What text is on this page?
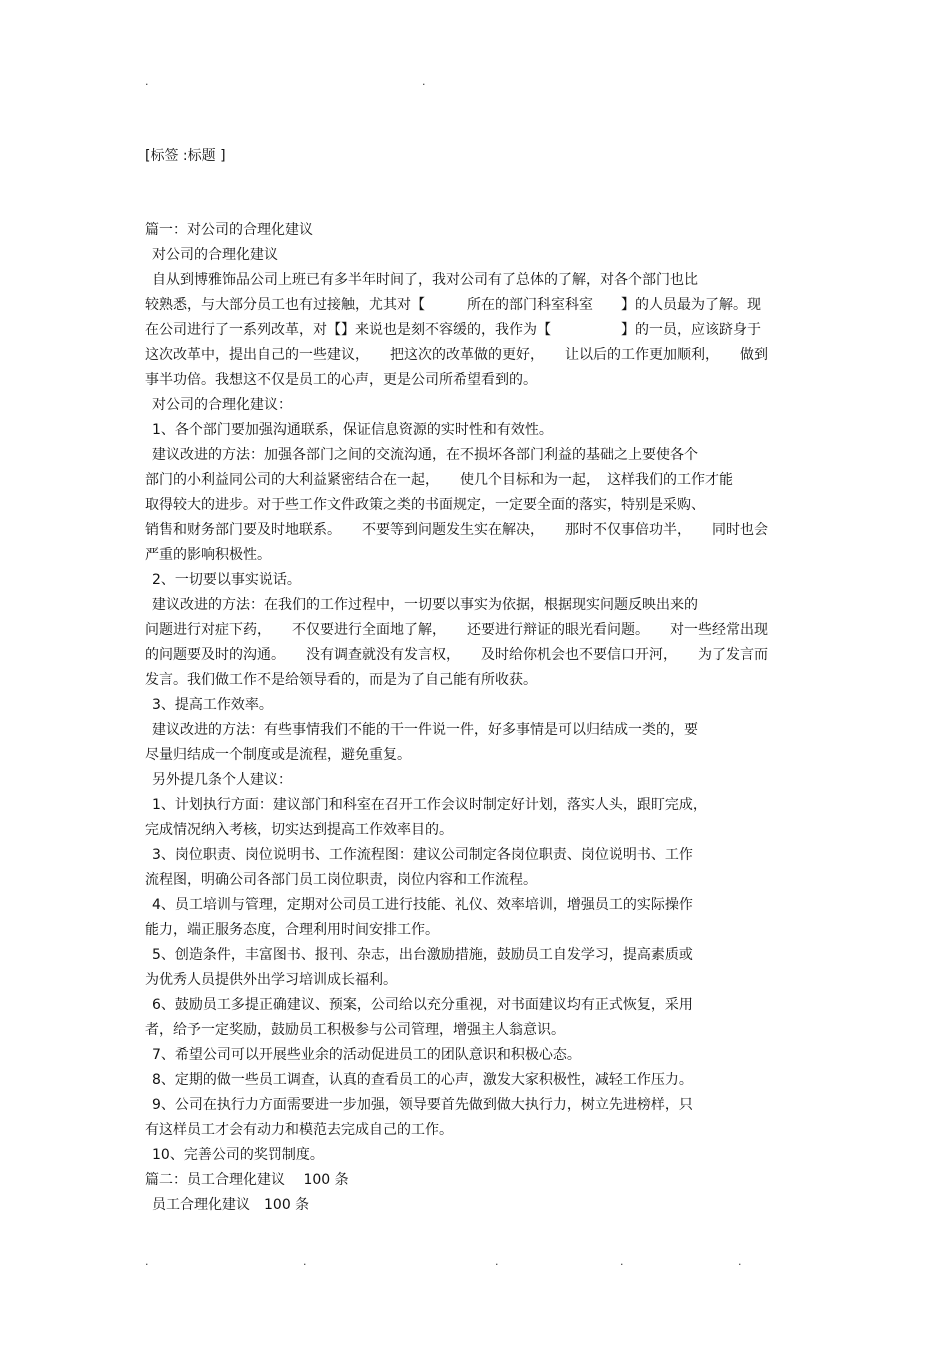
.	.
[标签 :标题 ]
篇一：对公司的合理化建议
对公司的合理化建议
自从到博雅饰品公司上班已有多半年时间了，我对公司有了总体的了解，对各个部门也比
较熟悉，与大部分员工也有过接触，尤其对【　　　所在的部门科室科室　　】的人员最为了解。现
在公司进行了一系列改革，对【】来说也是刻不容缓的，我作为【　　　　　】的一员，应该跻身于
这次改革中，提出自己的一些建议，　　把这次的改革做的更好，　　让以后的工作更加顺利，　　做到
事半功倍。我想这不仅是员工的心声，更是公司所希望看到的。
对公司的合理化建议：
1、各个部门要加强沟通联系，保证信息资源的实时性和有效性。
建议改进的方法：加强各部门之间的交流沟通，在不损坏各部门利益的基础之上要使各个
部门的小利益同公司的大利益紧密结合在一起，　　使几个目标和为一起，　这样我们的工作才能
取得较大的进步。对于些工作文件政策之类的书面规定，一定要全面的落实，特别是采购、
销售和财务部门要及时地联系。　　不要等到问题发生实在解决，　　那时不仅事倍功半，　　同时也会
严重的影响积极性。
2、一切要以事实说话。
建议改进的方法：在我们的工作过程中，一切要以事实为依据，根据现实问题反映出来的
问题进行对症下药，　　不仅要进行全面地了解，　　还要进行辩证的眼光看问题。　　对一些经常出现
的问题要及时的沟通。　　没有调查就没有发言权，　　及时给你机会也不要信口开河，　　为了发言而
发言。我们做工作不是给领导看的，而是为了自己能有所收获。
3、提高工作效率。
建议改进的方法：有些事情我们不能的干一件说一件，好多事情是可以归结成一类的，要
尽量归结成一个制度或是流程，避免重复。
另外提几条个人建议：
1、计划执行方面：建议部门和科室在召开工作会议时制定好计划，落实人头，跟盯完成，
完成情况纳入考核，切实达到提高工作效率目的。
3、岗位职责、岗位说明书、工作流程图：建议公司制定各岗位职责、岗位说明书、工作
流程图，明确公司各部门员工岗位职责，岗位内容和工作流程。
4、员工培训与管理，定期对公司员工进行技能、礼仪、效率培训，增强员工的实际操作
能力，端正服务态度，合理利用时间安排工作。
5、创造条件，丰富图书、报刊、杂志，出台激励措施，鼓励员工自发学习，提高素质或
为优秀人员提供外出学习培训成长福利。
6、鼓励员工多提正确建议、预案，公司给以充分重视，对书面建议均有正式恢复，采用
者，给予一定奖励，鼓励员工积极参与公司管理，增强主人翁意识。
7、希望公司可以开展些业余的活动促进员工的团队意识和积极心态。
8、定期的做一些员工调查，认真的查看员工的心声，激发大家积极性，减轻工作压力。
9、公司在执行力方面需要进一步加强，领导要首先做到做大执行力，树立先进榜样，只
有这样员工才会有动力和模范去完成自己的工作。
10、完善公司的奖罚制度。
篇二：员工合理化建议　 100 条
员工合理化建议　100 条
.	.	.	.	.
